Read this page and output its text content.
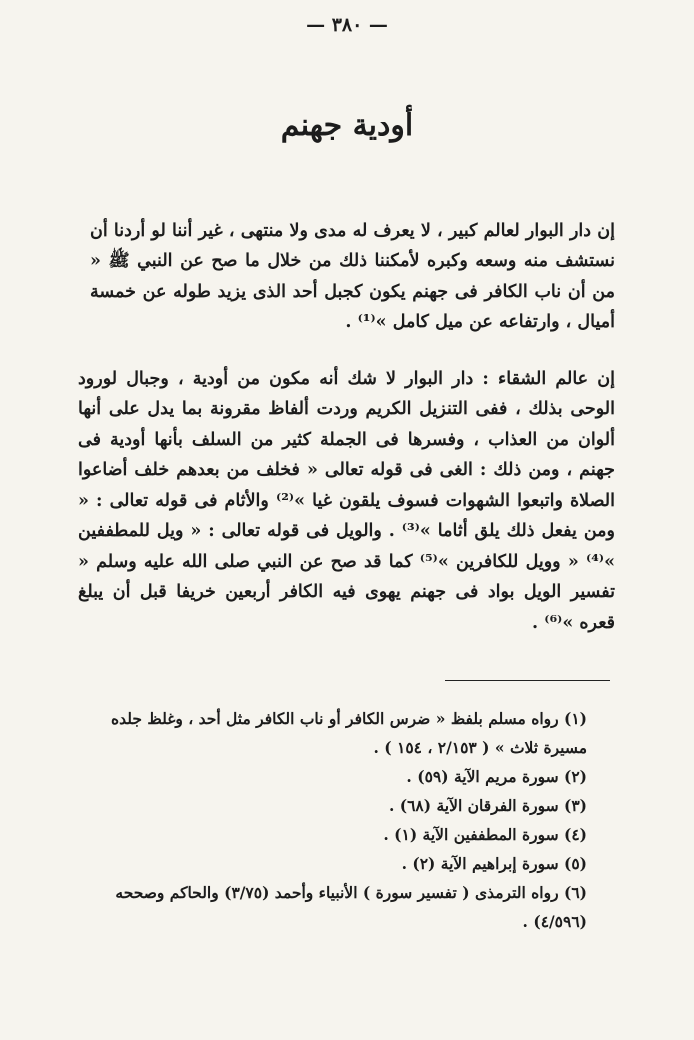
— ٣٨٠ —
أودية جهنم

إن دار البوار لعالم كبير ، لا يعرف له مدى ولا منتهى ، غير أننا لو أردنا أن نستشف منه وسعه وكبره لأمكننا ذلك من خلال ما صح عن النبي ﷺ « من أن ناب الكافر فى جهنم يكون كجبل أحد الذى يزيد طوله عن خمسة أميال ، وارتفاعه عن ميل كامل »⁽¹⁾ .

إن عالم الشقاء : دار البوار لا شك أنه مكون من أودية ، وجبال لورود الوحى بذلك ، ففى التنزيل الكريم وردت ألفاظ مقرونة بما يدل على أنها ألوان من العذاب ، وفسرها فى الجملة كثير من السلف بأنها أودية فى جهنم ، ومن ذلك : الغى فى قوله تعالى « فخلف من بعدهم خلف أضاعوا الصلاة واتبعوا الشهوات فسوف يلقون غيا »⁽²⁾ والأثام فى قوله تعالى : « ومن يفعل ذلك يلق أثاما »⁽³⁾ . والويل فى قوله تعالى : « ويل للمطففين »⁽⁴⁾ « وويل للكافرين »⁽⁵⁾ كما قد صح عن النبي صلى الله عليه وسلم « تفسير الويل بواد فى جهنم يهوى فيه الكافر أربعين خريفا قبل أن يبلغ قعره »⁽⁶⁾ .

(١) رواه مسلم بلفظ « ضرس الكافر أو ناب الكافر مثل أحد ، وغلظ جلده مسيرة ثلاث » ( ٢/١٥٣ ، ١٥٤ ) .

(٢) سورة مريم الآية (٥٩) .

(٣) سورة الفرقان الآية (٦٨) .

(٤) سورة المطففين الآية (١) .

(٥) سورة إبراهيم الآية (٢) .

(٦) رواه الترمذى ( تفسير سورة ) الأنبياء وأحمد (٣/٧٥) والحاكم وصححه (٤/٥٩٦) .
